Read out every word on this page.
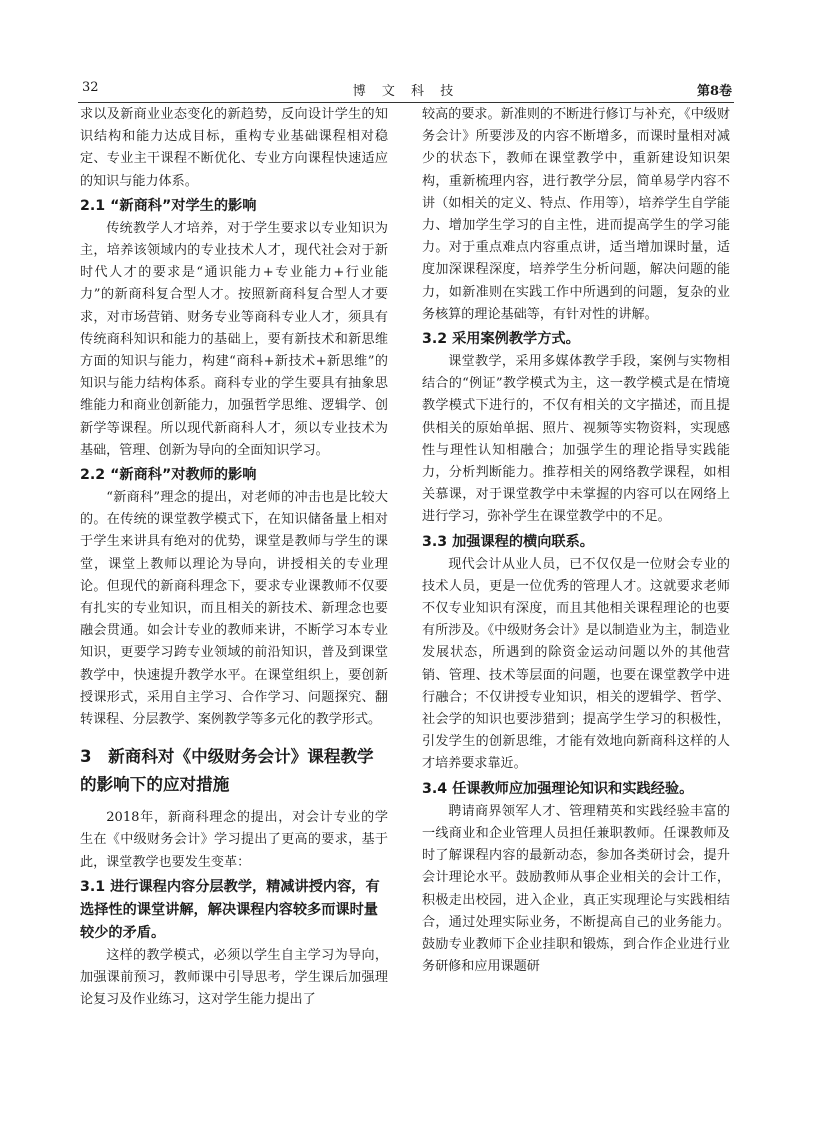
32	博 文 科 技	第8卷

求以及新商业业态变化的新趋势，反向设计学生的知识结构和能力达成目标，重构专业基础课程相对稳定、专业主干课程不断优化、专业方向课程快速适应的知识与能力体系。

2.1 “新商科”对学生的影响

传统教学人才培养，对于学生要求以专业知识为主，培养该领域内的专业技术人才，现代社会对于新时代人才的要求是“通识能力+专业能力+行业能力”的新商科复合型人才。按照新商科复合型人才要求，对市场营销、财务专业等商科专业人才，须具有传统商科知识和能力的基础上，要有新技术和新思维方面的知识与能力，构建“商科+新技术+新思维”的知识与能力结构体系。商科专业的学生要具有抽象思维能力和商业创新能力，加强哲学思维、逻辑学、创新学等课程。所以现代新商科人才，须以专业技术为基础，管理、创新为导向的全面知识学习。

2.2 “新商科”对教师的影响

“新商科”理念的提出，对老师的冲击也是比较大的。在传统的课堂教学模式下，在知识储备量上相对于学生来讲具有绝对的优势，课堂是教师与学生的课堂，课堂上教师以理论为导向，讲授相关的专业理论。但现代的新商科理念下，要求专业课教师不仅要有扎实的专业知识，而且相关的新技术、新理念也要融会贯通。如会计专业的教师来讲，不断学习本专业知识，更要学习跨专业领域的前沿知识，普及到课堂教学中，快速提升教学水平。在课堂组织上，要创新授课形式，采用自主学习、合作学习、问题探究、翻转课程、分层教学、案例教学等多元化的教学形式。

3　新商科对《中级财务会计》课程教学的影响下的应对措施

2018年，新商科理念的提出，对会计专业的学生在《中级财务会计》学习提出了更高的要求，基于此，课堂教学也要发生变革：

3.1 进行课程内容分层教学，精减讲授内容，有选择性的课堂讲解，解决课程内容较多而课时量较少的矛盾。

这样的教学模式，必须以学生自主学习为导向，加强课前预习，教师课中引导思考，学生课后加强理论复习及作业练习，这对学生能力提出了

较高的要求。新准则的不断进行修订与补充，《中级财务会计》所要涉及的内容不断增多，而课时量相对减少的状态下，教师在课堂教学中，重新建设知识架构，重新梳理内容，进行教学分层，简单易学内容不讲（如相关的定义、特点、作用等），培养学生自学能力、增加学生学习的自主性，进而提高学生的学习能力。对于重点难点内容重点讲，适当增加课时量，适度加深课程深度，培养学生分析问题，解决问题的能力，如新准则在实践工作中所遇到的问题，复杂的业务核算的理论基础等，有针对性的讲解。

3.2 采用案例教学方式。

课堂教学，采用多媒体教学手段，案例与实物相结合的“例证”教学模式为主，这一教学模式是在情境教学模式下进行的，不仅有相关的文字描述，而且提供相关的原始单据、照片、视频等实物资料，实现感性与理性认知相融合；加强学生的理论指导实践能力，分析判断能力。推荐相关的网络教学课程，如相关慕课，对于课堂教学中未掌握的内容可以在网络上进行学习，弥补学生在课堂教学中的不足。

3.3 加强课程的横向联系。

现代会计从业人员，已不仅仅是一位财会专业的技术人员，更是一位优秀的管理人才。这就要求老师不仅专业知识有深度，而且其他相关课程理论的也要有所涉及。《中级财务会计》是以制造业为主，制造业发展状态，所遇到的除资金运动问题以外的其他营销、管理、技术等层面的问题，也要在课堂教学中进行融合；不仅讲授专业知识，相关的逻辑学、哲学、社会学的知识也要涉猎到；提高学生学习的积极性，引发学生的创新思维，才能有效地向新商科这样的人才培养要求靠近。

3.4 任课教师应加强理论知识和实践经验。

聘请商界领军人才、管理精英和实践经验丰富的一线商业和企业管理人员担任兼职教师。任课教师及时了解课程内容的最新动态，参加各类研讨会，提升会计理论水平。鼓励教师从事企业相关的会计工作，积极走出校园，进入企业，真正实现理论与实践相结合，通过处理实际业务，不断提高自己的业务能力。鼓励专业教师下企业挂职和锻炼，到合作企业进行业务研修和应用课题研
